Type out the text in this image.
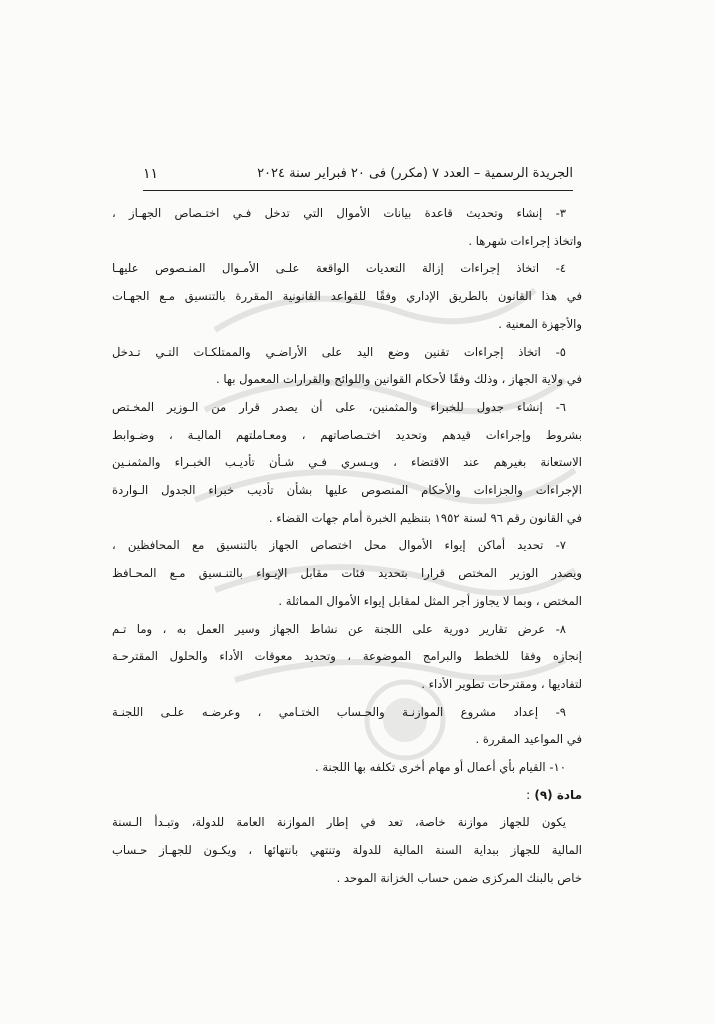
الجريدة الرسمية – العدد ٧ (مكرر) فى ٢٠ فبراير سنة ٢٠٢٤
١١

٣- إنشاء وتحديث قاعدة بيانات الأموال التي تدخل فـي اختـصاص الجهـاز ،
واتخاذ إجراءات شهرها .

٤- اتخاذ إجراءات إزالة التعديات الواقعة علـى الأمـوال المنـصوص عليهـا
في هذا القانون بالطريق الإداري وفقًا للقواعد القانونية المقررة بالتنسيق مـع الجهـات
والأجهزة المعنية .

٥- اتخاذ إجراءات تقنين وضع اليد على الأراضـي والممتلكـات التـي تـدخل
في ولاية الجهاز ، وذلك وفقًا لأحكام القوانين واللوائح والقرارات المعمول بها .

٦- إنشاء جدول للخبراء والمثمنين، على أن يصدر قرار من الـوزير المخـتص
بشروط وإجراءات قيدهم وتحديد اختـصاصاتهم ، ومعـاملتهم الماليـة ، وضـوابط
الاستعانة بغيرهم عند الاقتضاء ، ويـسري فـي شـأن تأديـب الخبـراء والمثمنـين
الإجراءات والجزاءات والأحكام المنصوص عليها بشأن تأديب خبراء الجدول الـواردة
في القانون رقم ٩٦ لسنة ١٩٥٢ بتنظيم الخبرة أمام جهات القضاء .

٧- تحديد أماكن إيواء الأموال محل اختصاص الجهاز بالتنسيق مع المحافظين ،
ويصدر الوزير المختص قرارا بتحديد فئات مقابل الإيـواء بالتنـسيق مـع المحـافظ
المختص ، وبما لا يجاوز أجر المثل لمقابل إيواء الأموال المماثلة .

٨- عرض تقارير دورية على اللجنة عن نشاط الجهاز وسير العمل به ، وما تـم
إنجازه وفقا للخطط والبرامج الموضوعة ، وتحديد معوقات الأداء والحلول المقترحـة
لتفاديها ، ومقترحات تطوير الأداء .

٩- إعداد مشروع الموازنـة والحـساب الختـامي ، وعرضـه علـى اللجنـة
في المواعيد المقررة .

١٠- القيام بأي أعمال أو مهام أخرى تكلفه بها اللجنة .

مادة (٩) :

يكون للجهاز موازنة خاصة، تعد في إطار الموازنة العامة للدولة، وتبـدأ الـسنة
المالية للجهاز ببداية السنة المالية للدولة وتنتهي بانتهائها ، ويكـون للجهـاز حـساب
خاص بالبنك المركزى ضمن حساب الخزانة الموحد .
